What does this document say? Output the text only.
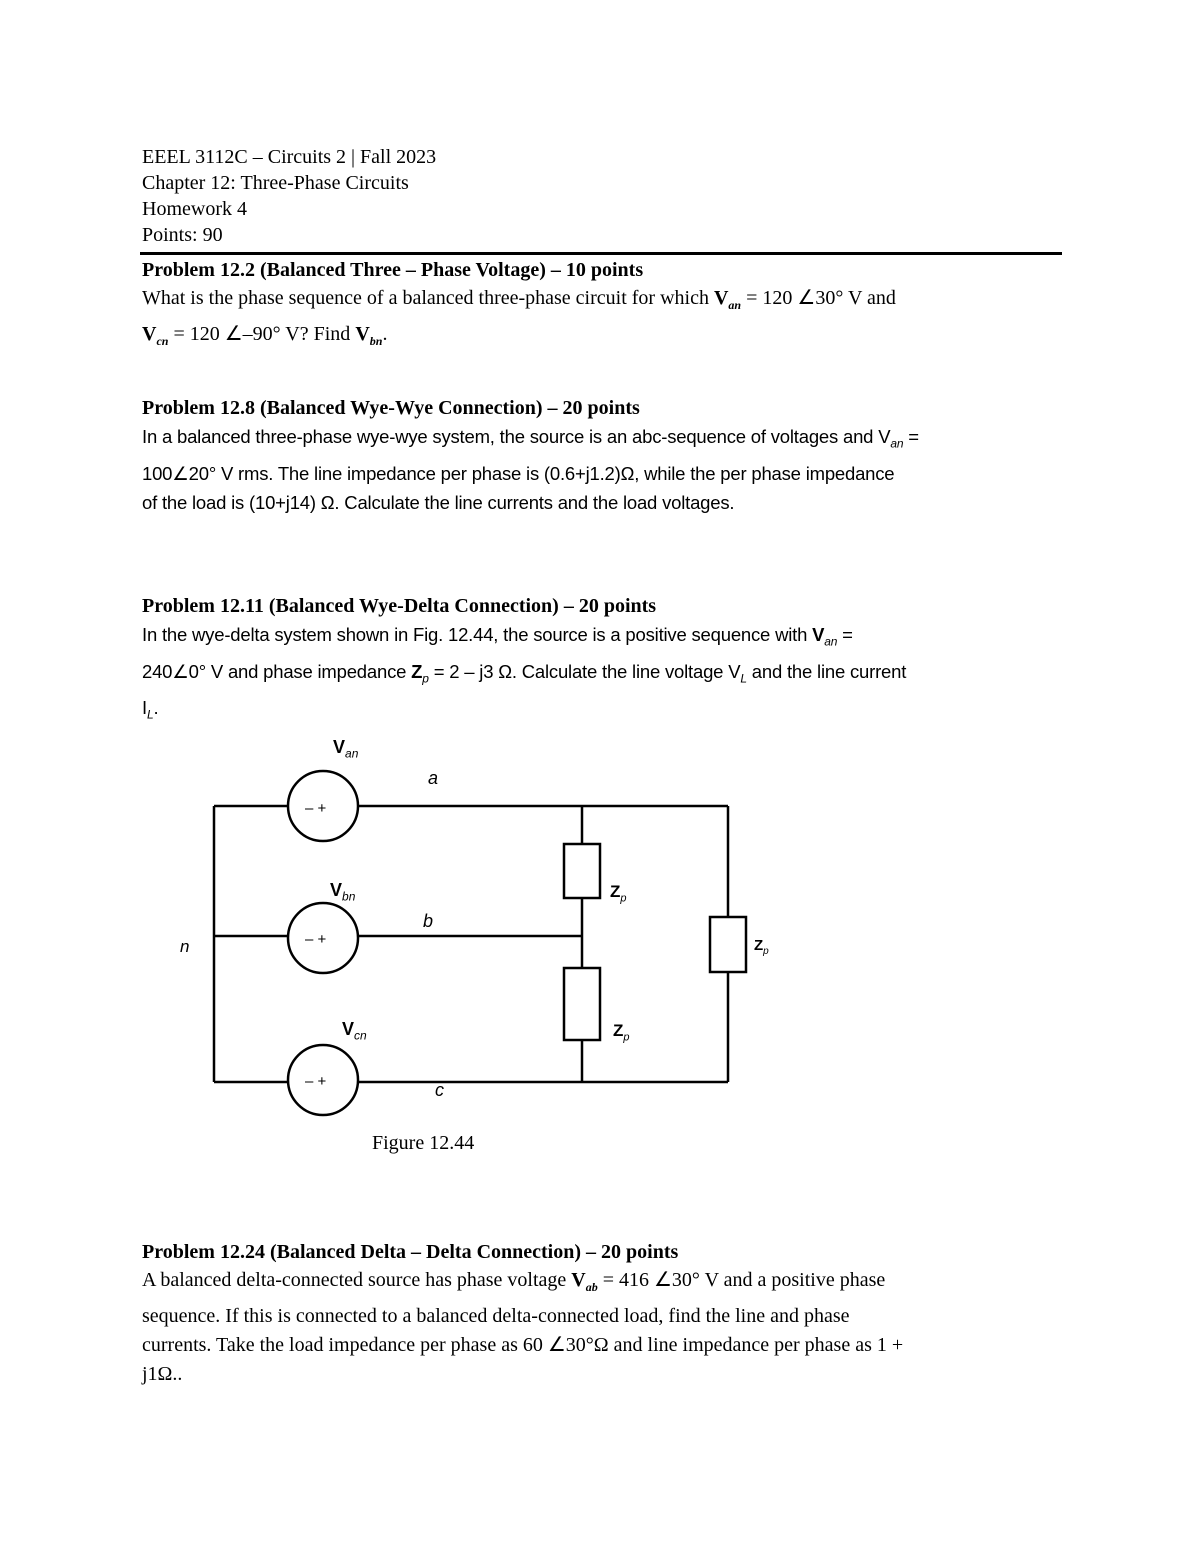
EEEL 3112C – Circuits 2 | Fall 2023
Chapter 12: Three-Phase Circuits
Homework 4
Points: 90
Problem 12.2 (Balanced Three – Phase Voltage) – 10 points
What is the phase sequence of a balanced three-phase circuit for which $V_{an} = 120$ ∠30° V and
$V_{cn} = 120$ ∠–90° V? Find $V_{bn}$.
Problem 12.8 (Balanced Wye-Wye Connection) – 20 points
In a balanced three-phase wye-wye system, the source is an abc-sequence of voltages and $V_{an}$ =
100∠20° V rms. The line impedance per phase is (0.6+j1.2)Ω, while the per phase impedance
of the load is (10+j14) Ω. Calculate the line currents and the load voltages.
Problem 12.11 (Balanced Wye-Delta Connection) – 20 points
In the wye-delta system shown in Fig. 12.44, the source is a positive sequence with $V_{an}$ =
240∠0° V and phase impedance $Z_p = 2 - j3$ Ω. Calculate the line voltage $V_L$ and the line current
$I_L$.
– +
– +
– +
$V_{an}$
$V_{bn}$
$V_{cn}$
a
b
c
n
$Z_p$
$Z_p$
$Z_p$
Figure 12.44
Problem 12.24 (Balanced Delta – Delta Connection) – 20 points
A balanced delta-connected source has phase voltage $V_{ab} = 416$ ∠30° V and a positive phase
sequence. If this is connected to a balanced delta-connected load, find the line and phase
currents. Take the load impedance per phase as 60 ∠30°Ω and line impedance per phase as 1 +
j1Ω..
